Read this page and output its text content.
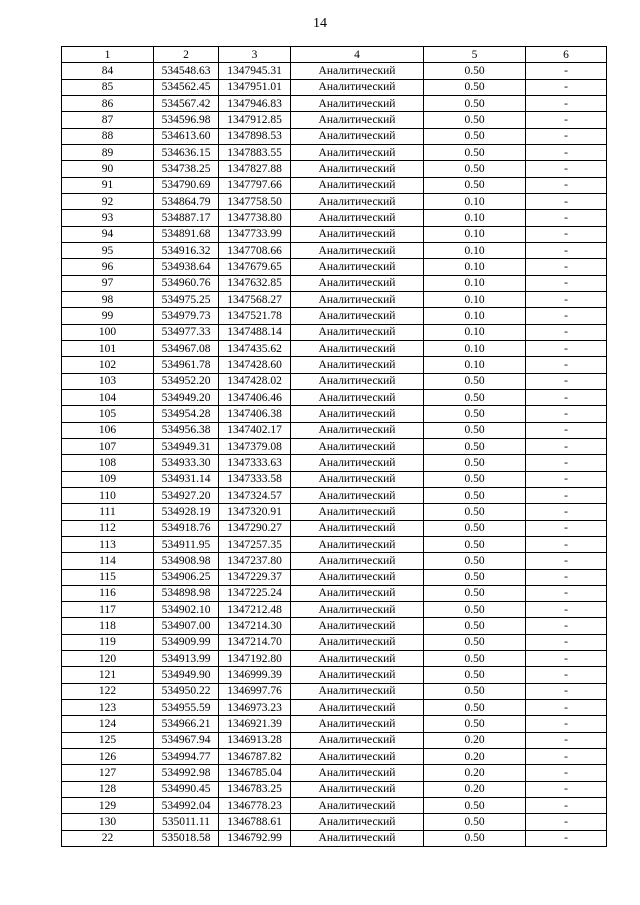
14
1	2	3	4	5	6
84	534548.63	1347945.31	Аналитический	0.50	-
85	534562.45	1347951.01	Аналитический	0.50	-
86	534567.42	1347946.83	Аналитический	0.50	-
87	534596.98	1347912.85	Аналитический	0.50	-
88	534613.60	1347898.53	Аналитический	0.50	-
89	534636.15	1347883.55	Аналитический	0.50	-
90	534738.25	1347827.88	Аналитический	0.50	-
91	534790.69	1347797.66	Аналитический	0.50	-
92	534864.79	1347758.50	Аналитический	0.10	-
93	534887.17	1347738.80	Аналитический	0.10	-
94	534891.68	1347733.99	Аналитический	0.10	-
95	534916.32	1347708.66	Аналитический	0.10	-
96	534938.64	1347679.65	Аналитический	0.10	-
97	534960.76	1347632.85	Аналитический	0.10	-
98	534975.25	1347568.27	Аналитический	0.10	-
99	534979.73	1347521.78	Аналитический	0.10	-
100	534977.33	1347488.14	Аналитический	0.10	-
101	534967.08	1347435.62	Аналитический	0.10	-
102	534961.78	1347428.60	Аналитический	0.10	-
103	534952.20	1347428.02	Аналитический	0.50	-
104	534949.20	1347406.46	Аналитический	0.50	-
105	534954.28	1347406.38	Аналитический	0.50	-
106	534956.38	1347402.17	Аналитический	0.50	-
107	534949.31	1347379.08	Аналитический	0.50	-
108	534933.30	1347333.63	Аналитический	0.50	-
109	534931.14	1347333.58	Аналитический	0.50	-
110	534927.20	1347324.57	Аналитический	0.50	-
111	534928.19	1347320.91	Аналитический	0.50	-
112	534918.76	1347290.27	Аналитический	0.50	-
113	534911.95	1347257.35	Аналитический	0.50	-
114	534908.98	1347237.80	Аналитический	0.50	-
115	534906.25	1347229.37	Аналитический	0.50	-
116	534898.98	1347225.24	Аналитический	0.50	-
117	534902.10	1347212.48	Аналитический	0.50	-
118	534907.00	1347214.30	Аналитический	0.50	-
119	534909.99	1347214.70	Аналитический	0.50	-
120	534913.99	1347192.80	Аналитический	0.50	-
121	534949.90	1346999.39	Аналитический	0.50	-
122	534950.22	1346997.76	Аналитический	0.50	-
123	534955.59	1346973.23	Аналитический	0.50	-
124	534966.21	1346921.39	Аналитический	0.50	-
125	534967.94	1346913.28	Аналитический	0.20	-
126	534994.77	1346787.82	Аналитический	0.20	-
127	534992.98	1346785.04	Аналитический	0.20	-
128	534990.45	1346783.25	Аналитический	0.20	-
129	534992.04	1346778.23	Аналитический	0.50	-
130	535011.11	1346788.61	Аналитический	0.50	-
22	535018.58	1346792.99	Аналитический	0.50	-
